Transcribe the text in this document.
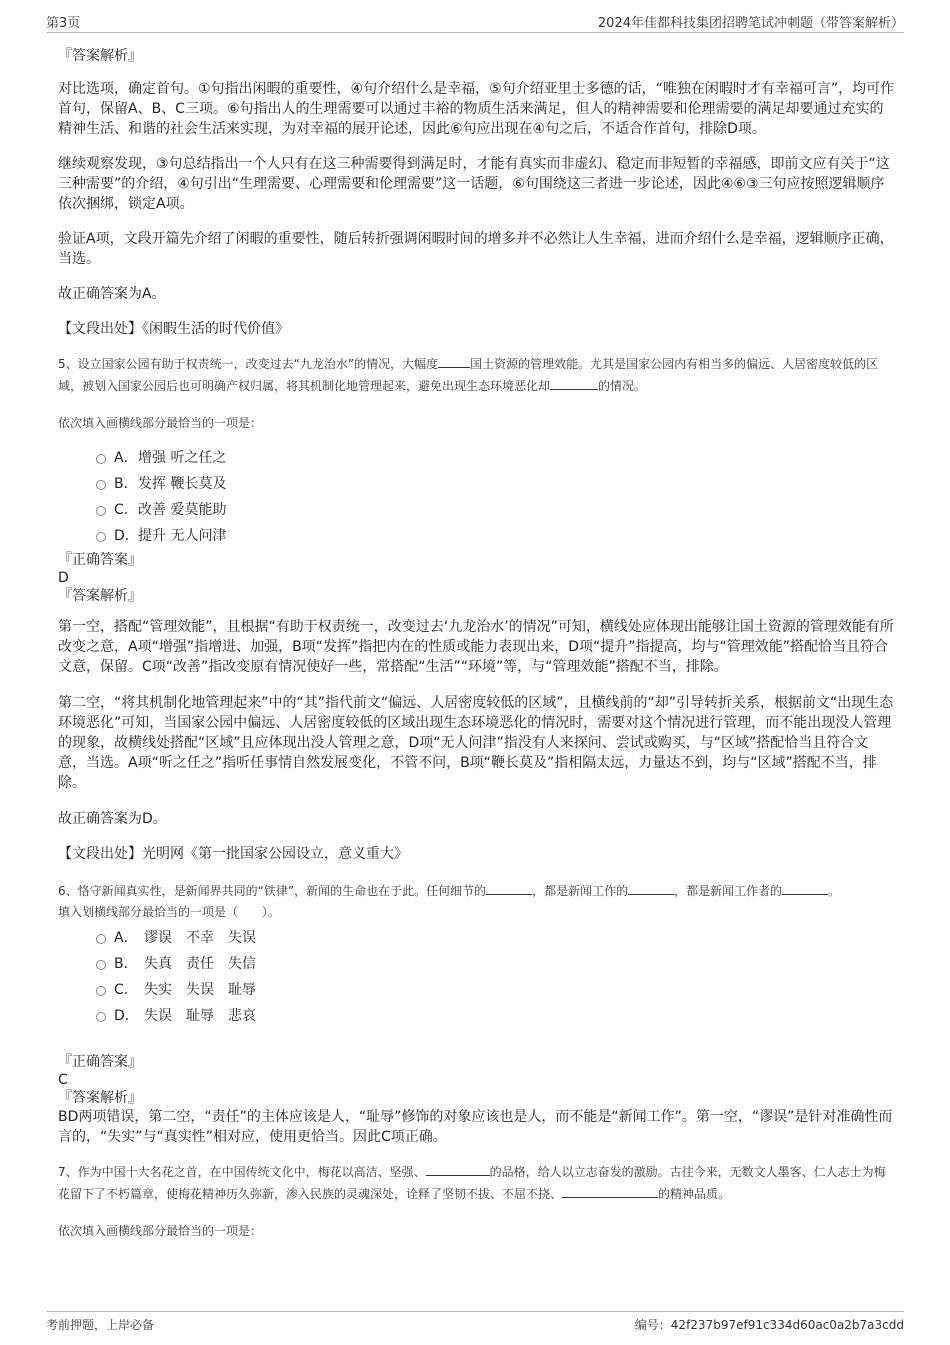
第3页	2024年佳都科技集团招聘笔试冲刺题（带答案解析）

『答案解析』

对比选项，确定首句。①句指出闲暇的重要性，④句介绍什么是幸福，⑤句介绍亚里士多德的话，“唯独在闲暇时才有幸福可言”，均可作首句，保留A、B、C三项。⑥句指出人的生理需要可以通过丰裕的物质生活来满足，但人的精神需要和伦理需要的满足却要通过充实的精神生活、和谐的社会生活来实现，为对幸福的展开论述，因此⑥句应出现在④句之后，不适合作首句，排除D项。

继续观察发现，③句总结指出一个人只有在这三种需要得到满足时，才能有真实而非虚幻、稳定而非短暂的幸福感，即前文应有关于“这三种需要”的介绍，④句引出“生理需要、心理需要和伦理需要”这一话题，⑥句围绕这三者进一步论述，因此④⑥③三句应按照逻辑顺序依次捆绑，锁定A项。

验证A项，文段开篇先介绍了闲暇的重要性，随后转折强调闲暇时间的增多并不必然让人生幸福，进而介绍什么是幸福，逻辑顺序正确，当选。

故正确答案为A。

【文段出处】《闲暇生活的时代价值》

5、设立国家公园有助于权责统一，改变过去“九龙治水”的情况，大幅度	国土资源的管理效能。尤其是国家公园内有相当多的偏远、人居密度较低的区域，被划入国家公园后也可明确产权归属，将其机制化地管理起来，避免出现生态环境恶化却	的情况。

依次填入画横线部分最恰当的一项是：

A． 增强 听之任之
B． 发挥 鞭长莫及
C． 改善 爱莫能助
D． 提升 无人问津

『正确答案』

D

『答案解析』

第一空，搭配“管理效能”，且根据“有助于权责统一，改变过去‘九龙治水’的情况”可知，横线处应体现出能够让国土资源的管理效能有所改变之意，A项“增强”指增进、加强，B项“发挥”指把内在的性质或能力表现出来，D项“提升”指提高，均与“管理效能”搭配恰当且符合文意，保留。C项“改善”指改变原有情况使好一些，常搭配“生活”“环境”等，与“管理效能”搭配不当，排除。

第二空，“将其机制化地管理起来”中的“其”指代前文“偏远、人居密度较低的区域”，且横线前的“却”引导转折关系，根据前文“出现生态环境恶化”可知，当国家公园中偏远、人居密度较低的区域出现生态环境恶化的情况时，需要对这个情况进行管理，而不能出现没人管理的现象，故横线处搭配“区域”且应体现出没人管理之意，D项“无人问津”指没有人来探问、尝试或购买，与“区域”搭配恰当且符合文意，当选。A项“听之任之”指听任事情自然发展变化，不管不问，B项“鞭长莫及”指相隔太远，力量达不到，均与“区域”搭配不当，排除。

故正确答案为D。

【文段出处】光明网《第一批国家公园设立，意义重大》

6、恪守新闻真实性，是新闻界共同的“铁律”，新闻的生命也在于此。任何细节的	，都是新闻工作的	，都是新闻工作者的	。

填入划横线部分最恰当的一项是（　　）。

A． 谬误 不幸 失误
B． 失真 责任 失信
C． 失实 失误 耻辱
D． 失误 耻辱 悲哀

『正确答案』

C

『答案解析』

BD两项错误，第二空，“责任”的主体应该是人，“耻辱”修饰的对象应该也是人，而不能是“新闻工作”。第一空，“谬误”是针对准确性而言的，“失实”与“真实性”相对应，使用更恰当。因此C项正确。

7、作为中国十大名花之首，在中国传统文化中，梅花以高洁、坚强、	的品格，给人以立志奋发的激励。古往今来，无数文人墨客、仁人志士为梅花留下了不朽篇章，使梅花精神历久弥新，渗入民族的灵魂深处，诠释了坚韧不拔、不屈不挠、	的精神品质。

依次填入画横线部分最恰当的一项是：

考前押题，上岸必备	编号：42f237b97ef91c334d60ac0a2b7a3cdd
